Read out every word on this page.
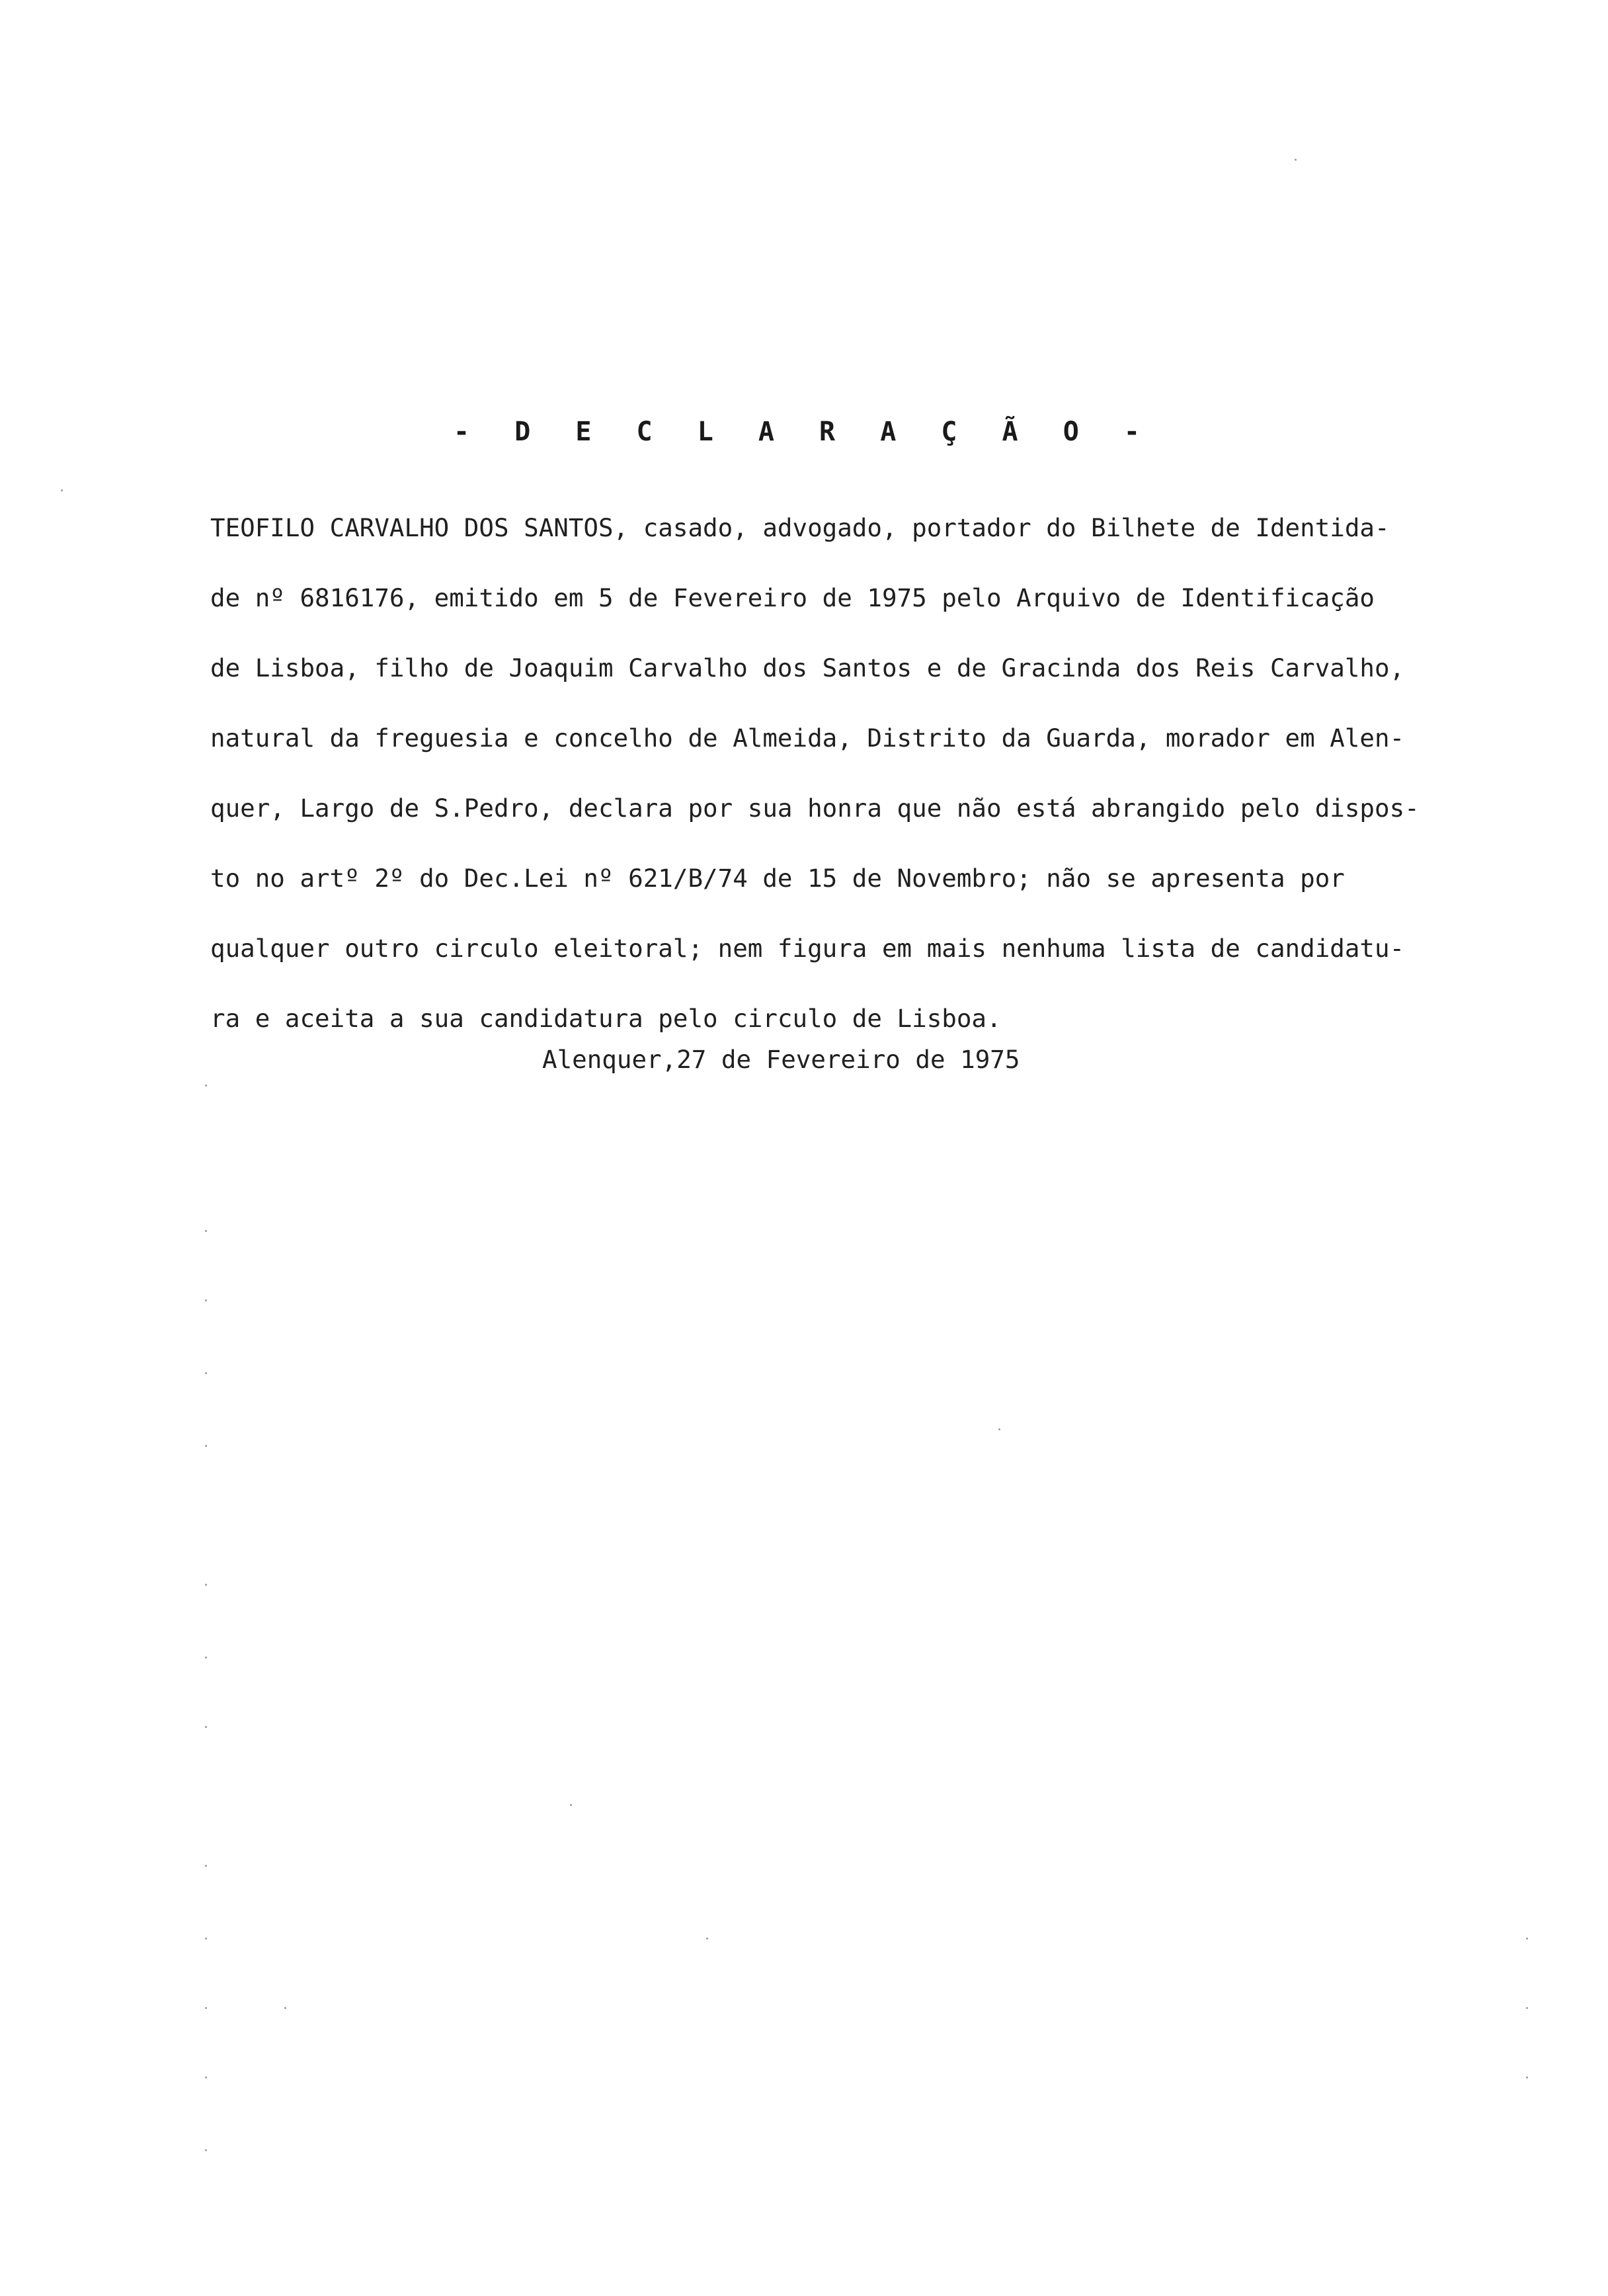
- D E C L A R A Ç Ã O -
TEOFILO CARVALHO DOS SANTOS, casado, advogado, portador do Bilhete de Identida-
de nº 6816176, emitido em 5 de Fevereiro de 1975 pelo Arquivo de Identificação
de Lisboa, filho de Joaquim Carvalho dos Santos e de Gracinda dos Reis Carvalho,
natural da freguesia e concelho de Almeida, Distrito da Guarda, morador em Alen-
quer, Largo de S.Pedro, declara por sua honra que não está abrangido pelo dispos-
to no artº 2º do Dec.Lei nº 621/B/74 de 15 de Novembro; não se apresenta por
qualquer outro circulo eleitoral; nem figura em mais nenhuma lista de candidatu-
ra e aceita a sua candidatura pelo circulo de Lisboa.
Alenquer,27 de Fevereiro de 1975
